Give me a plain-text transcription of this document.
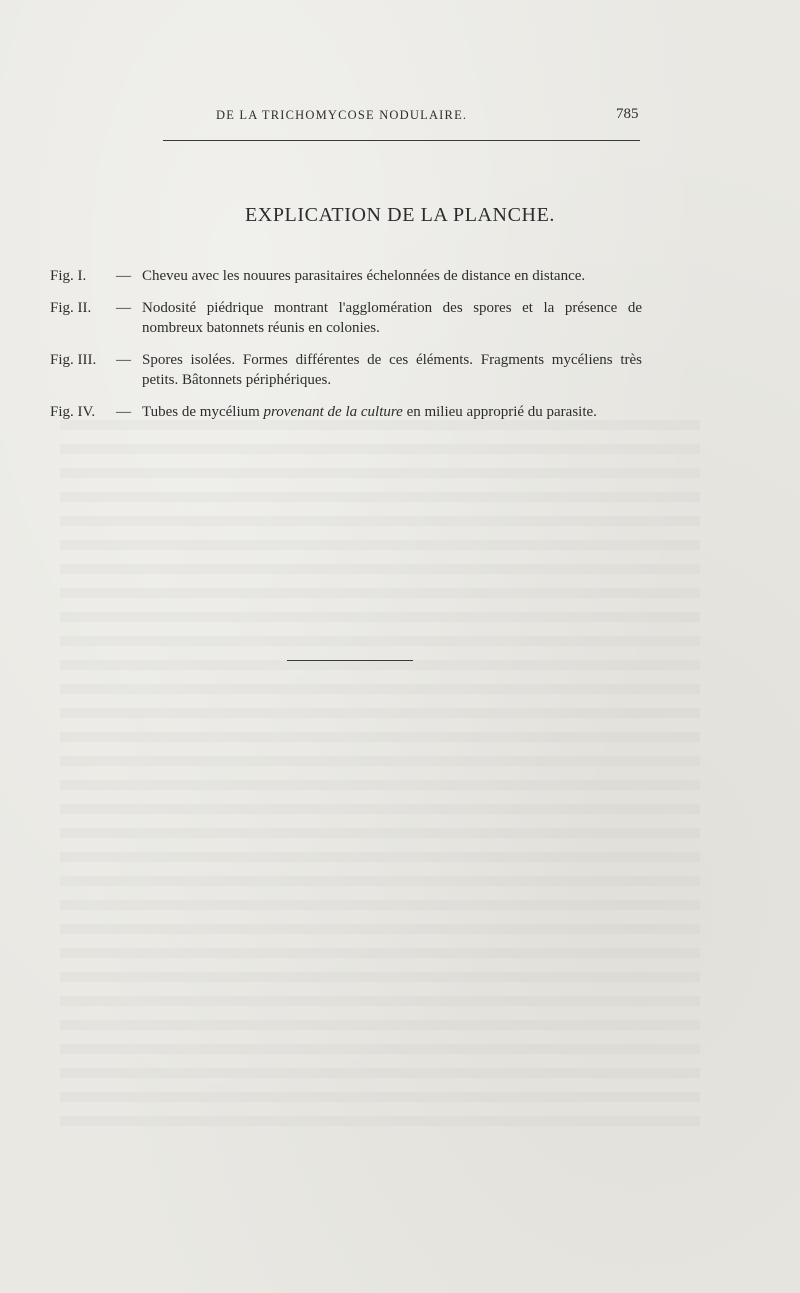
DE LA TRICHOMYCOSE NODULAIRE.	785
EXPLICATION DE LA PLANCHE.
Fig. I.	— Cheveu avec les nouures parasitaires échelonnées de distance en distance.
Fig. II.	— Nodosité piédrique montrant l'agglomération des spores et la présence de nombreux batonnets réunis en colonies.
Fig. III.	— Spores isolées. Formes différentes de ces éléments. Fragments mycéliens très petits. Bâtonnets périphériques.
Fig. IV.	— Tubes de mycélium provenant de la culture en milieu approprié du parasite.
